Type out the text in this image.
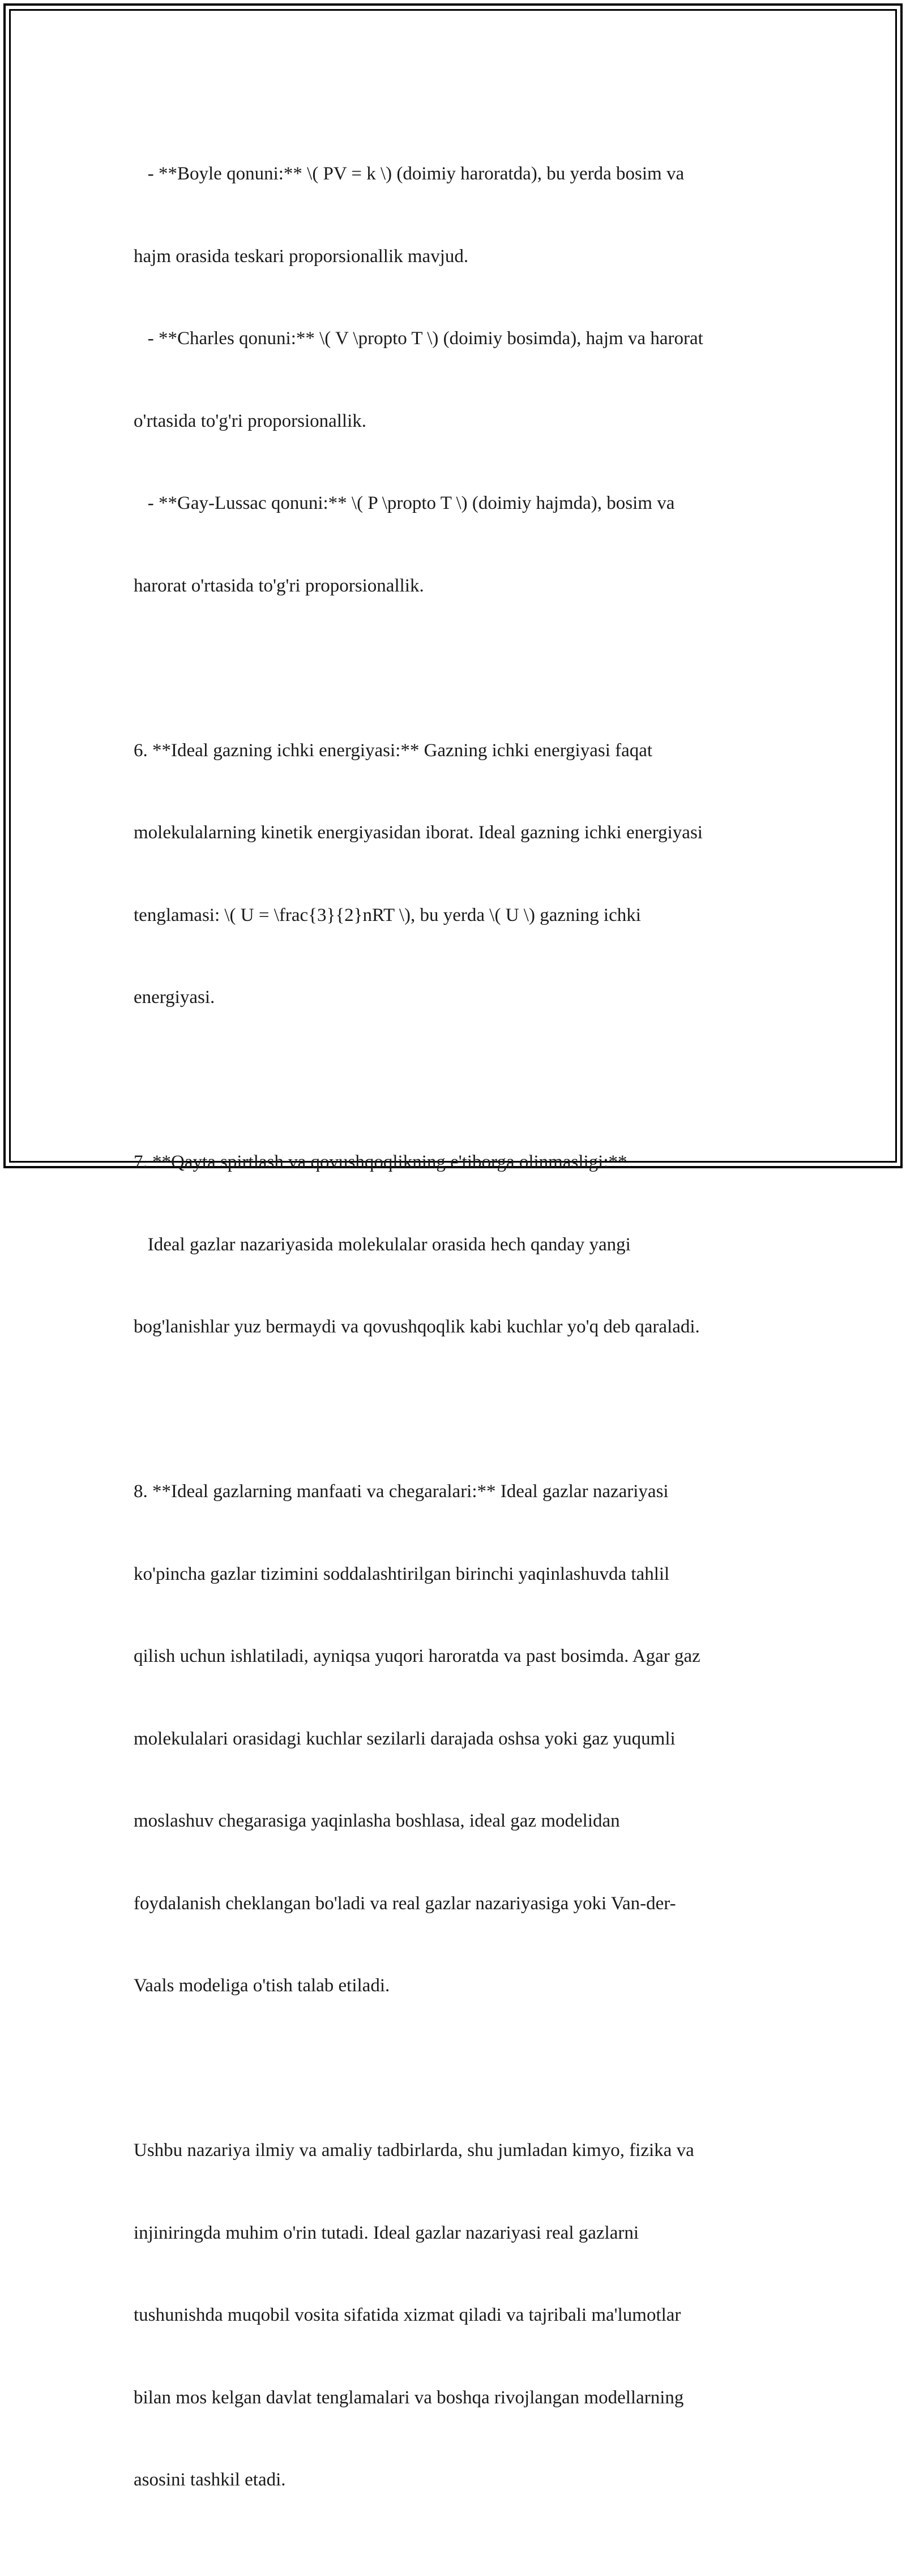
- **Boyle qonuni:** \( PV = k \) (doimiy haroratda), bu yerda bosim va

hajm orasida teskari proporsionallik mavjud.

- **Charles qonuni:** \( V \propto T \) (doimiy bosimda), hajm va harorat

o'rtasida to'g'ri proporsionallik.

- **Gay-Lussac qonuni:** \( P \propto T \) (doimiy hajmda), bosim va

harorat o'rtasida to'g'ri proporsionallik.

6. **Ideal gazning ichki energiyasi:** Gazning ichki energiyasi faqat

molekulalarning kinetik energiyasidan iborat. Ideal gazning ichki energiyasi

tenglamasi: \( U = \frac{3}{2}nRT \), bu yerda \( U \) gazning ichki

energiyasi.

7. **Qayta spirtlash va qovushqoqlikning e'tiborga olinmasligi:**

Ideal gazlar nazariyasida molekulalar orasida hech qanday yangi

bog'lanishlar yuz bermaydi va qovushqoqlik kabi kuchlar yo'q deb qaraladi.

8. **Ideal gazlarning manfaati va chegaralari:** Ideal gazlar nazariyasi

ko'pincha gazlar tizimini soddalashtirilgan birinchi yaqinlashuvda tahlil

qilish uchun ishlatiladi, ayniqsa yuqori haroratda va past bosimda. Agar gaz

molekulalari orasidagi kuchlar sezilarli darajada oshsa yoki gaz yuqumli

moslashuv chegarasiga yaqinlasha boshlasa, ideal gaz modelidan

foydalanish cheklangan bo'ladi va real gazlar nazariyasiga yoki Van-der-

Vaals modeliga o'tish talab etiladi.

Ushbu nazariya ilmiy va amaliy tadbirlarda, shu jumladan kimyo, fizika va

injiniringda muhim o'rin tutadi. Ideal gazlar nazariyasi real gazlarni

tushunishda muqobil vosita sifatida xizmat qiladi va tajribali ma'lumotlar

bilan mos kelgan davlat tenglamalari va boshqa rivojlangan modellarning

asosini tashkil etadi.
